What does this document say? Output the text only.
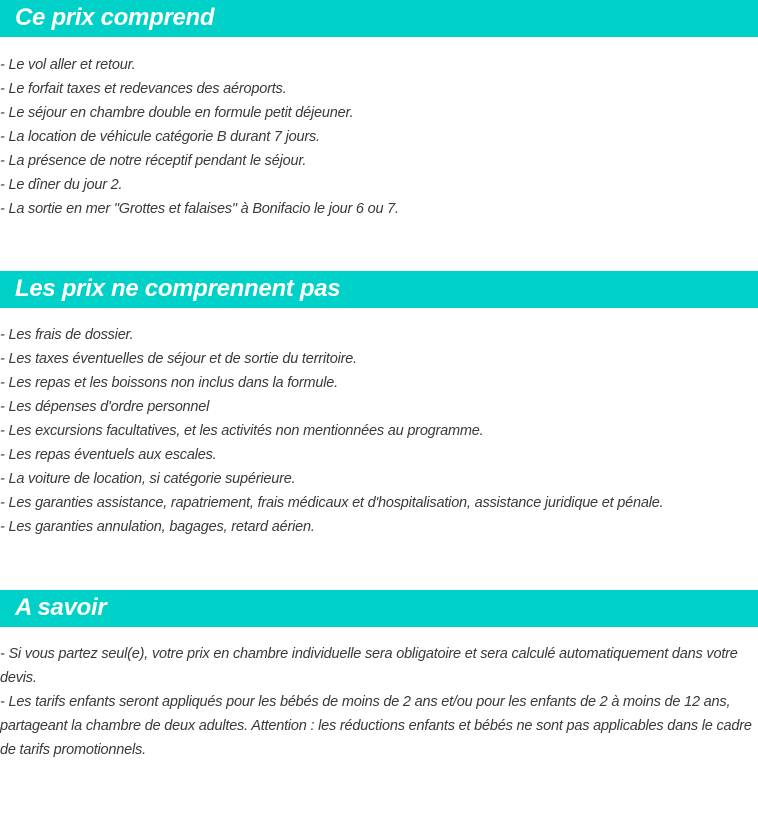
Ce prix comprend
- Le vol aller et retour.
- Le forfait taxes et redevances des aéroports.
- Le séjour en chambre double en formule petit déjeuner.
- La location de véhicule catégorie B durant 7 jours.
- La présence de notre réceptif pendant le séjour.
- Le dîner du jour 2.
- La sortie en mer "Grottes et falaises" à Bonifacio le jour 6 ou 7.
Les prix ne comprennent pas
- Les frais de dossier.
- Les taxes éventuelles de séjour et de sortie du territoire.
- Les repas et les boissons non inclus dans la formule.
- Les dépenses d'ordre personnel
- Les excursions facultatives, et les activités non mentionnées au programme.
- Les repas éventuels aux escales.
- La voiture de location, si catégorie supérieure.
- Les garanties assistance, rapatriement, frais médicaux et d'hospitalisation, assistance juridique et pénale.
- Les garanties annulation, bagages, retard aérien.
A savoir

- Si vous partez seul(e), votre prix en chambre individuelle sera obligatoire et sera calculé automatiquement dans votre devis.

- Les tarifs enfants seront appliqués pour les bébés de moins de 2 ans et/ou pour les enfants de 2 à moins de 12 ans, partageant la chambre de deux adultes. Attention : les réductions enfants et bébés ne sont pas applicables dans le cadre de tarifs promotionnels.
